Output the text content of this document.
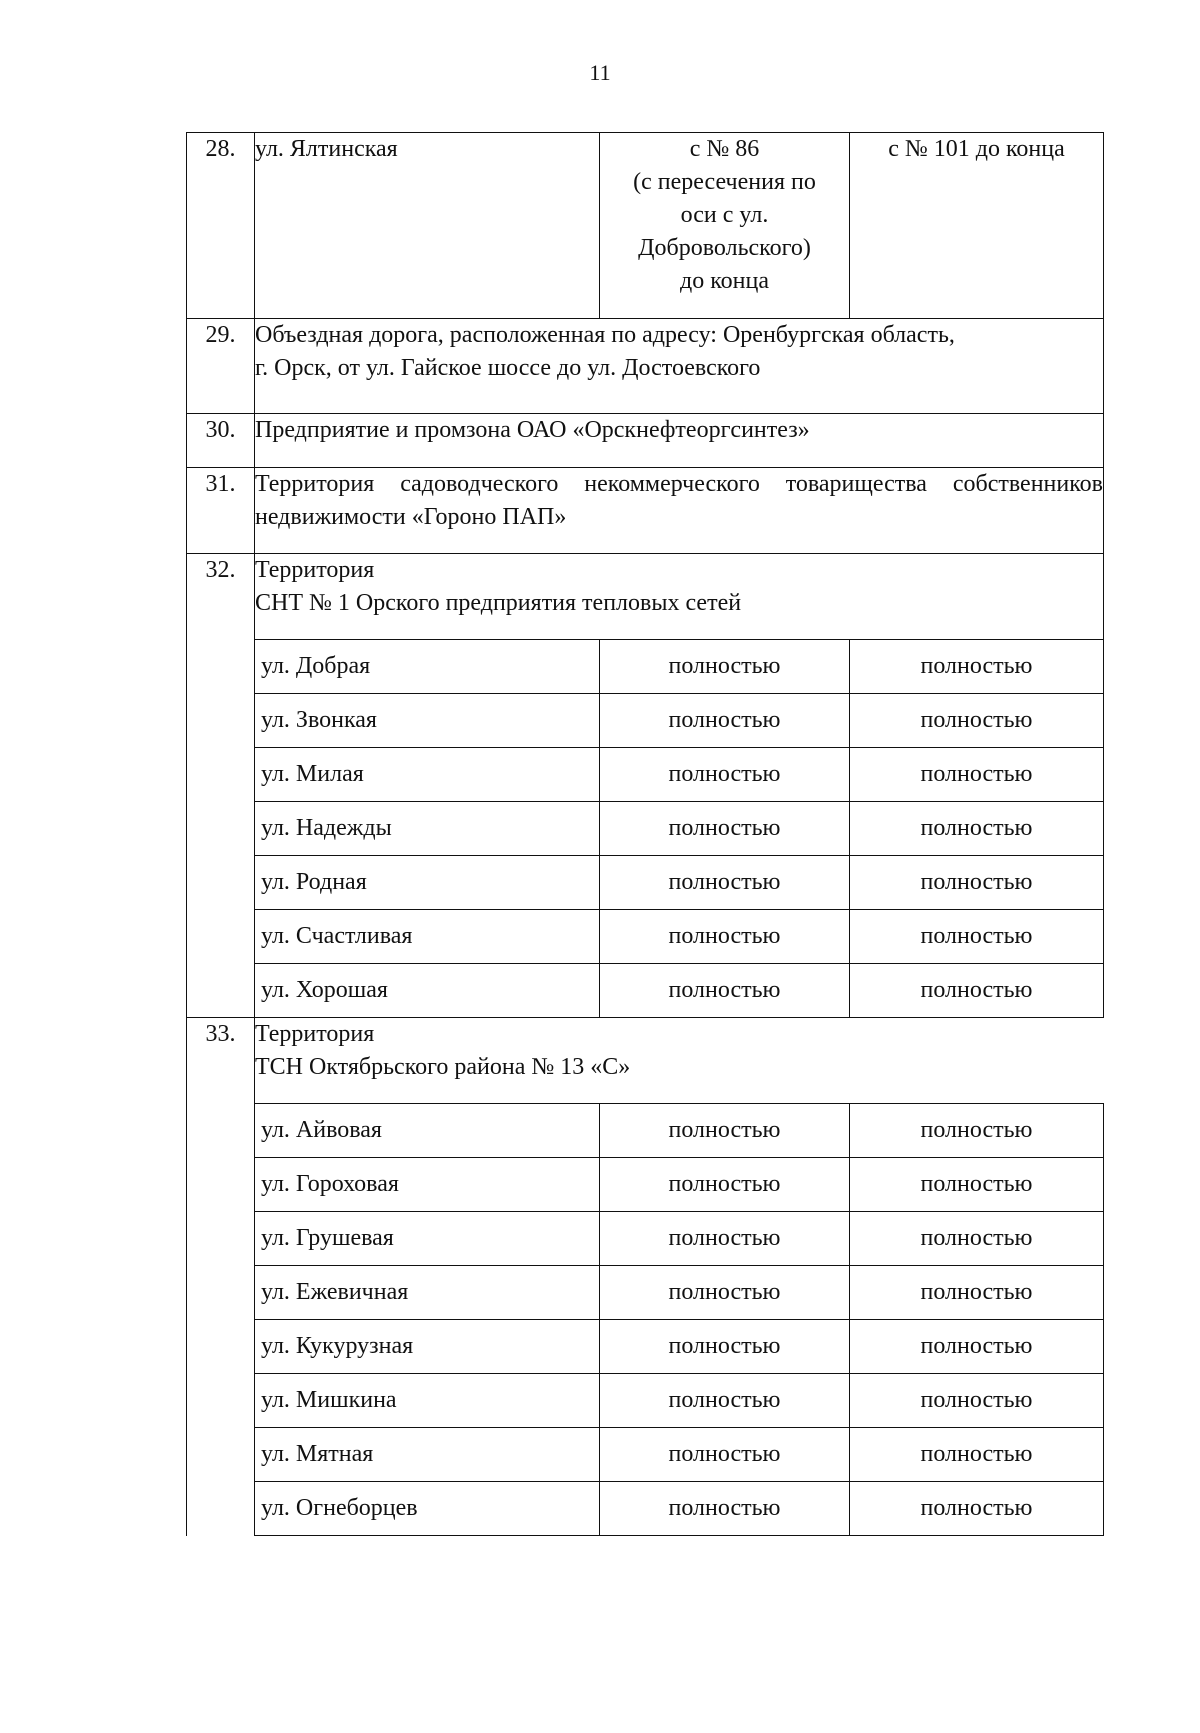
11
28.	ул. Ялтинская	с № 86
(с пересечения по
оси с ул.
Добровольского)
до конца	с № 101 до конца
29.	Объездная дорога, расположенная по адресу: Оренбургская область,
г. Орск, от ул. Гайское шоссе до ул. Достоевского		

30.	Предприятие и промзона ОАО «Орскнефтеоргсинтез»		

31.	Территория садоводческого некоммерческого товарищества собственников недвижимости «Гороно ПАП»		
32.	Территория
СНТ № 1 Орского предприятия тепловых сетей		

	ул. Добрая	полностью	полностью
	ул. Звонкая	полностью	полностью
	ул. Милая	полностью	полностью
	ул. Надежды	полностью	полностью
	ул. Родная	полностью	полностью
	ул. Счастливая	полностью	полностью
	ул. Хорошая	полностью	полностью
33.	Территория
ТСН Октябрьского района № 13 «С»		

	ул. Айвовая	полностью	полностью
	ул. Гороховая	полностью	полностью
	ул. Грушевая	полностью	полностью
	ул. Ежевичная	полностью	полностью
	ул. Кукурузная	полностью	полностью
	ул. Мишкина	полностью	полностью
	ул. Мятная	полностью	полностью
	ул. Огнеборцев	полностью	полностью
